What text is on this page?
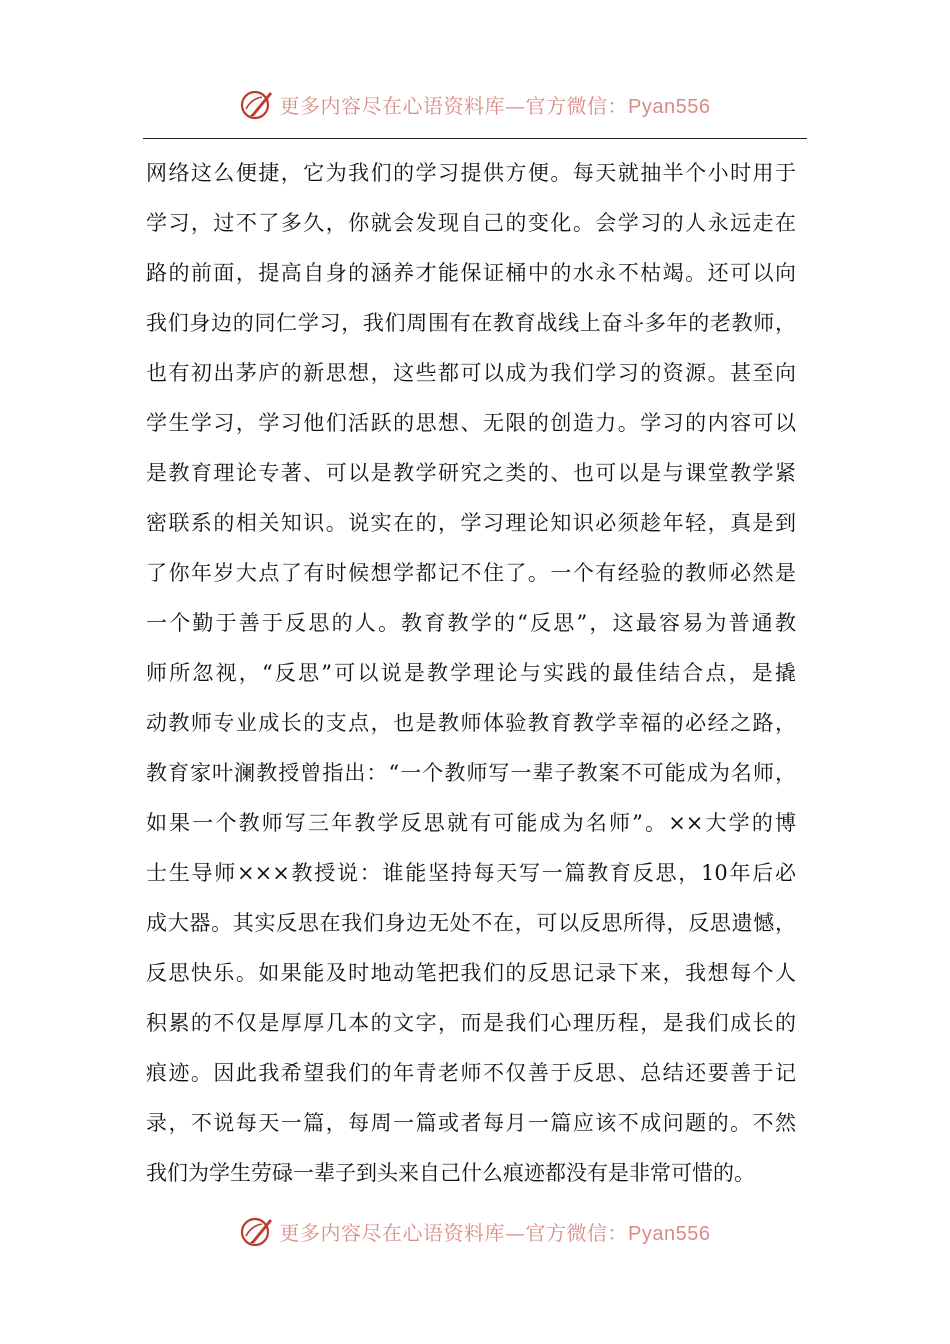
更多内容尽在心语资料库—官方微信：Pyan556
网络这么便捷，它为我们的学习提供方便。每天就抽半个小时用于
学习，过不了多久，你就会发现自己的变化。会学习的人永远走在
路的前面，提高自身的涵养才能保证桶中的水永不枯竭。还可以向
我们身边的同仁学习，我们周围有在教育战线上奋斗多年的老教师，
也有初出茅庐的新思想，这些都可以成为我们学习的资源。甚至向
学生学习，学习他们活跃的思想、无限的创造力。学习的内容可以
是教育理论专著、可以是教学研究之类的、也可以是与课堂教学紧
密联系的相关知识。说实在的，学习理论知识必须趁年轻，真是到
了你年岁大点了有时候想学都记不住了。一个有经验的教师必然是
一个勤于善于反思的人。教育教学的“反思”，这最容易为普通教
师所忽视，“反思”可以说是教学理论与实践的最佳结合点，是撬
动教师专业成长的支点，也是教师体验教育教学幸福的必经之路，
教育家叶澜教授曾指出：“一个教师写一辈子教案不可能成为名师，
如果一个教师写三年教学反思就有可能成为名师”。××大学的博
士生导师×××教授说：谁能坚持每天写一篇教育反思，10年后必
成大器。其实反思在我们身边无处不在，可以反思所得，反思遗憾，
反思快乐。如果能及时地动笔把我们的反思记录下来，我想每个人
积累的不仅是厚厚几本的文字，而是我们心理历程，是我们成长的
痕迹。因此我希望我们的年青老师不仅善于反思、总结还要善于记
录，不说每天一篇，每周一篇或者每月一篇应该不成问题的。不然
我们为学生劳碌一辈子到头来自己什么痕迹都没有是非常可惜的。
更多内容尽在心语资料库—官方微信：Pyan556
